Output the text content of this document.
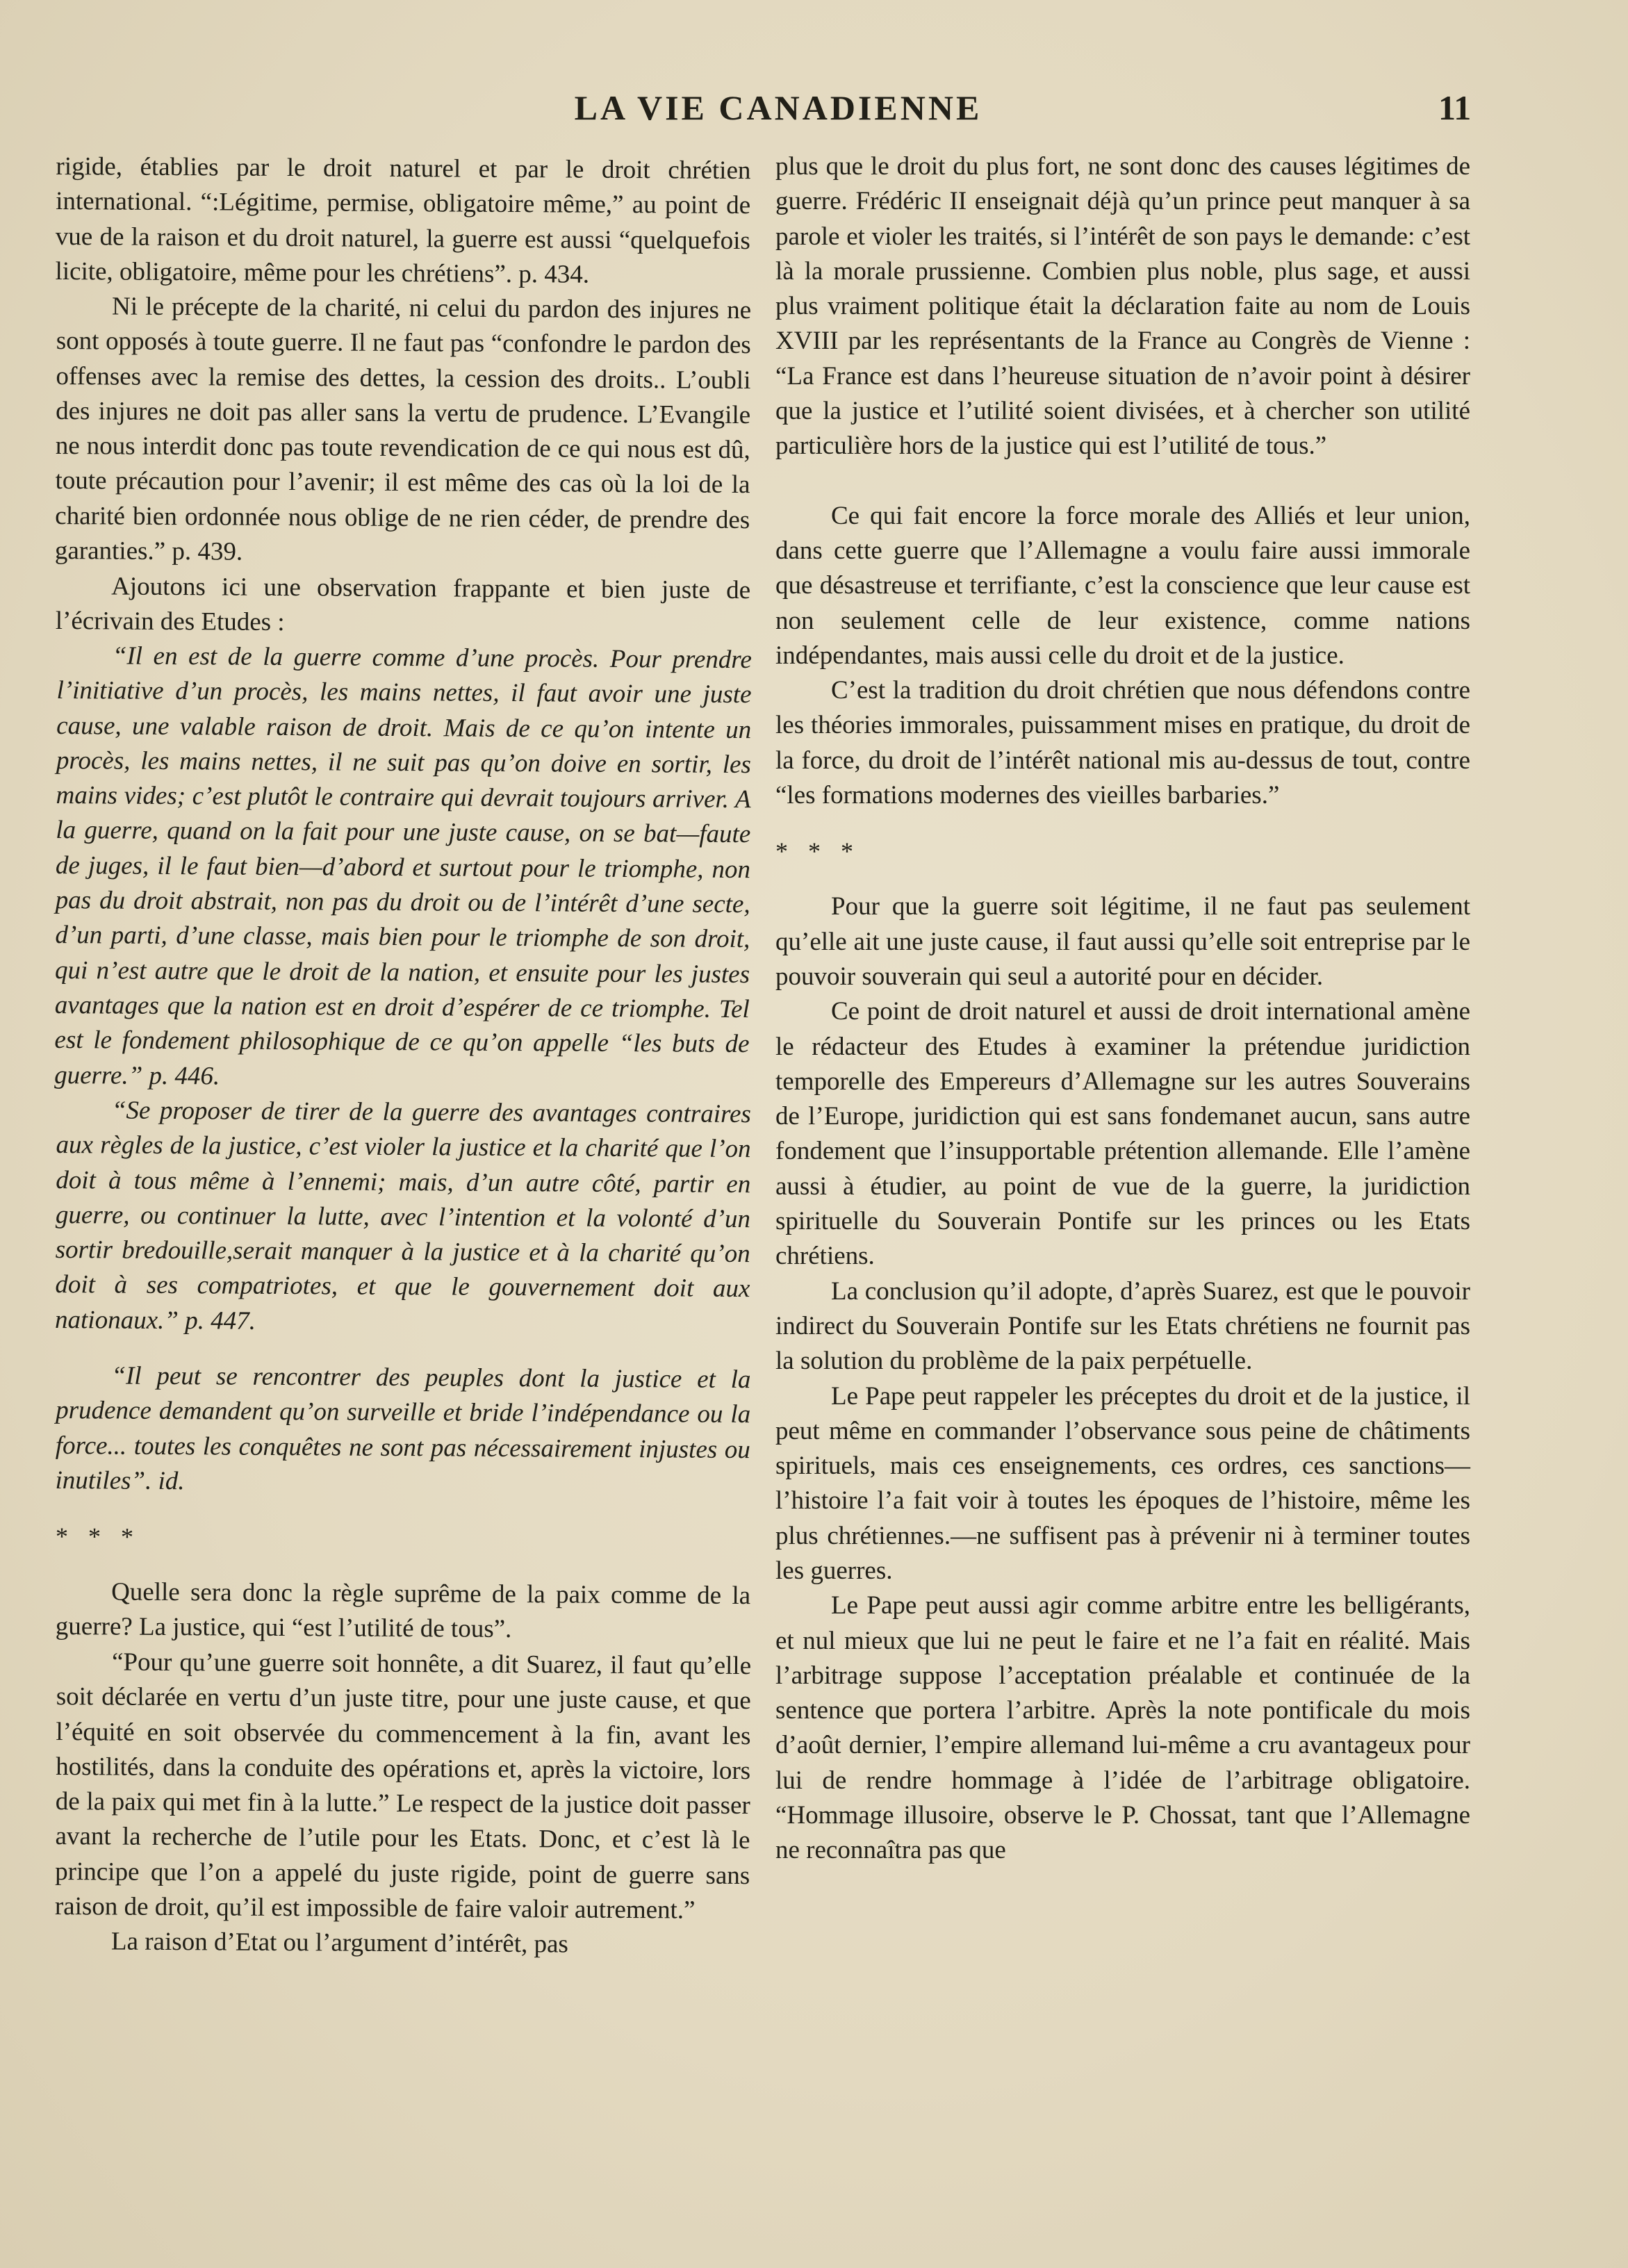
LA VIE CANADIENNE	11

rigide, établies par le droit naturel et par le droit chrétien international. “:Légitime, permise, obligatoire même,” au point de vue de la raison et du droit naturel, la guerre est aussi “quelquefois licite, obligatoire, même pour les chrétiens”. p. 434.

Ni le précepte de la charité, ni celui du pardon des injures ne sont opposés à toute guerre. Il ne faut pas “confondre le pardon des offenses avec la remise des dettes, la cession des droits.. L’oubli des injures ne doit pas aller sans la vertu de prudence. L’Evangile ne nous interdit donc pas toute revendication de ce qui nous est dû, toute précaution pour l’avenir; il est même des cas où la loi de la charité bien ordonnée nous oblige de ne rien céder, de prendre des garanties.” p. 439.

Ajoutons ici une observation frappante et bien juste de l’écrivain des Etudes :

“Il en est de la guerre comme d’une procès. Pour prendre l’initiative d’un procès, les mains nettes, il faut avoir une juste cause, une valable raison de droit. Mais de ce qu’on intente un procès, les mains nettes, il ne suit pas qu’on doive en sortir, les mains vides; c’est plutôt le contraire qui devrait toujours arriver. A la guerre, quand on la fait pour une juste cause, on se bat—faute de juges, il le faut bien—d’abord et surtout pour le triomphe, non pas du droit abstrait, non pas du droit ou de l’intérêt d’une secte, d’un parti, d’une classe, mais bien pour le triomphe de son droit, qui n’est autre que le droit de la nation, et ensuite pour les justes avantages que la nation est en droit d’espérer de ce triomphe. Tel est le fondement philosophique de ce qu’on appelle “les buts de guerre.” p. 446.

“Se proposer de tirer de la guerre des avantages contraires aux règles de la justice, c’est violer la justice et la charité que l’on doit à tous même à l’ennemi; mais, d’un autre côté, partir en guerre, ou continuer la lutte, avec l’intention et la volonté d’un sortir bredouille,serait manquer à la justice et à la charité qu’on doit à ses compatriotes, et que le gouvernement doit aux nationaux.” p. 447.

“Il peut se rencontrer des peuples dont la justice et la prudence demandent qu’on surveille et bride l’indépendance ou la force... toutes les conquêtes ne sont pas nécessairement injustes ou inutiles”. id.

* * *

Quelle sera donc la règle suprême de la paix comme de la guerre? La justice, qui “est l’utilité de tous”.

“Pour qu’une guerre soit honnête, a dit Suarez, il faut qu’elle soit déclarée en vertu d’un juste titre, pour une juste cause, et que l’équité en soit observée du commencement à la fin, avant les hostilités, dans la conduite des opérations et, après la victoire, lors de la paix qui met fin à la lutte.” Le respect de la justice doit passer avant la recherche de l’utile pour les Etats. Donc, et c’est là le principe que l’on a appelé du juste rigide, point de guerre sans raison de droit, qu’il est impossible de faire valoir autrement.”

La raison d’Etat ou l’argument d’intérêt, pas

plus que le droit du plus fort, ne sont donc des causes légitimes de guerre. Frédéric II enseignait déjà qu’un prince peut manquer à sa parole et violer les traités, si l’intérêt de son pays le demande: c’est là la morale prussienne. Combien plus noble, plus sage, et aussi plus vraiment politique était la déclaration faite au nom de Louis XVIII par les représentants de la France au Congrès de Vienne : “La France est dans l’heureuse situation de n’avoir point à désirer que la justice et l’utilité soient divisées, et à chercher son utilité particulière hors de la justice qui est l’utilité de tous.”

Ce qui fait encore la force morale des Alliés et leur union, dans cette guerre que l’Allemagne a voulu faire aussi immorale que désastreuse et terrifiante, c’est la conscience que leur cause est non seulement celle de leur existence, comme nations indépendantes, mais aussi celle du droit et de la justice.

C’est la tradition du droit chrétien que nous défendons contre les théories immorales, puissamment mises en pratique, du droit de la force, du droit de l’intérêt national mis au-dessus de tout, contre “les formations modernes des vieilles barbaries.”

* * *

Pour que la guerre soit légitime, il ne faut pas seulement qu’elle ait une juste cause, il faut aussi qu’elle soit entreprise par le pouvoir souverain qui seul a autorité pour en décider.

Ce point de droit naturel et aussi de droit international amène le rédacteur des Etudes à examiner la prétendue juridiction temporelle des Empereurs d’Allemagne sur les autres Souverains de l’Europe, juridiction qui est sans fondemanet aucun, sans autre fondement que l’insupportable prétention allemande. Elle l’amène aussi à étudier, au point de vue de la guerre, la juridiction spirituelle du Souverain Pontife sur les princes ou les Etats chrétiens.

La conclusion qu’il adopte, d’après Suarez, est que le pouvoir indirect du Souverain Pontife sur les Etats chrétiens ne fournit pas la solution du problème de la paix perpétuelle.

Le Pape peut rappeler les préceptes du droit et de la justice, il peut même en commander l’observance sous peine de châtiments spirituels, mais ces enseignements, ces ordres, ces sanctions—l’histoire l’a fait voir à toutes les époques de l’histoire, même les plus chrétiennes.—ne suffisent pas à prévenir ni à terminer toutes les guerres.

Le Pape peut aussi agir comme arbitre entre les belligérants, et nul mieux que lui ne peut le faire et ne l’a fait en réalité. Mais l’arbitrage suppose l’acceptation préalable et continuée de la sentence que portera l’arbitre. Après la note pontificale du mois d’août dernier, l’empire allemand lui-même a cru avantageux pour lui de rendre hommage à l’idée de l’arbitrage obligatoire. “Hommage illusoire, observe le P. Chossat, tant que l’Allemagne ne reconnaîtra pas que
